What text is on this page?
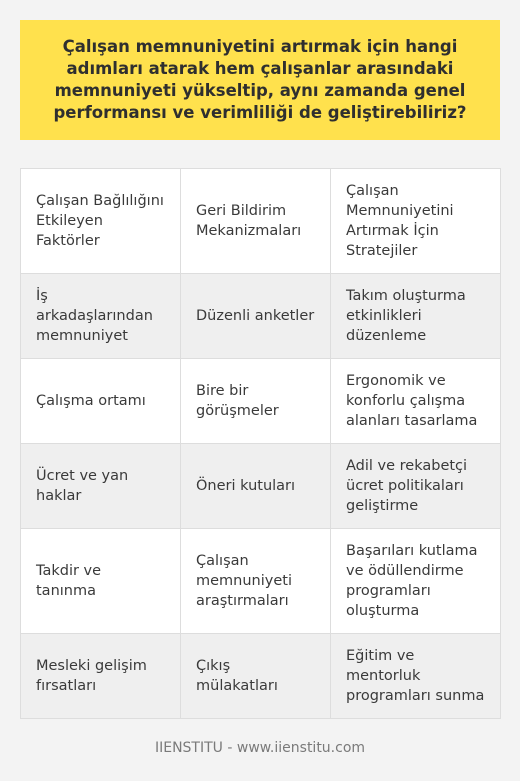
Çalışan memnuniyetini artırmak için hangi adımları atarak hem çalışanlar arasındaki memnuniyeti yükseltip, aynı zamanda genel performansı ve verimliliği de geliştirebiliriz?
Çalışan Bağlılığını Etkileyen Faktörler	Geri Bildirim Mekanizmaları	Çalışan Memnuniyetini Artırmak İçin Stratejiler
İş arkadaşlarından memnuniyet	Düzenli anketler	Takım oluşturma etkinlikleri düzenleme
Çalışma ortamı	Bire bir görüşmeler	Ergonomik ve konforlu çalışma alanları tasarlama
Ücret ve yan haklar	Öneri kutuları	Adil ve rekabetçi ücret politikaları geliştirme
Takdir ve tanınma	Çalışan memnuniyeti araştırmaları	Başarıları kutlama ve ödüllendirme programları oluşturma
Mesleki gelişim fırsatları	Çıkış mülakatları	Eğitim ve mentorluk programları sunma
IIENSTITU - www.iienstitu.com
